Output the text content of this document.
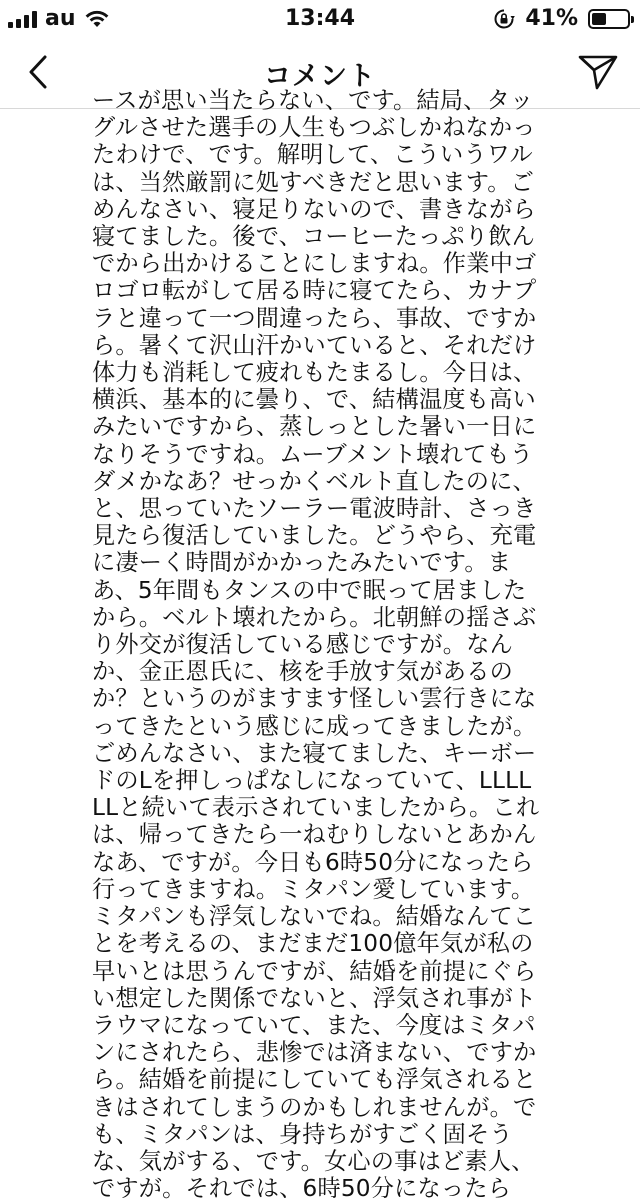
au	13:44	41%
コメント

ースが思い当たらない、です。結局、タッグルさせた選手の人生もつぶしかねなかったわけで、です。解明して、こういうワルは、当然厳罰に処すべきだと思います。ごめんなさい、寝足りないので、書きながら寝てました。後で、コーヒーたっぷり飲んでから出かけることにしますね。作業中ゴロゴロ転がして居る時に寝てたら、カナプラと違って一つ間違ったら、事故、ですから。暑くて沢山汗かいていると、それだけ体力も消耗して疲れもたまるし。今日は、横浜、基本的に曇り、で、結構温度も高いみたいですから、蒸しっとした暑い一日になりそうですね。ムーブメント壊れてもうダメかなあ？せっかくベルト直したのに、と、思っていたソーラー電波時計、さっき見たら復活していました。どうやら、充電に凄ーく時間がかかったみたいです。まあ、5年間もタンスの中で眠って居ましたから。ベルト壊れたから。北朝鮮の揺さぶり外交が復活している感じですが。なんか、金正恩氏に、核を手放す気があるのか？というのがますます怪しい雲行きになってきたという感じに成ってきましたが。ごめんなさい、また寝てました、キーボードのLを押しっぱなしになっていて、LLLLLLと続いて表示されていましたから。これは、帰ってきたら一ねむりしないとあかんなあ、ですが。今日も6時50分になったら行ってきますね。ミタパン愛しています。ミタパンも浮気しないでね。結婚なんてことを考えるの、まだまだ100億年気が私の早いとは思うんですが、結婚を前提にぐらい想定した関係でないと、浮気され事がトラウマになっていて、また、今度はミタパンにされたら、悲惨では済まない、ですから。結婚を前提にしていても浮気されるときはされてしまうのかもしれませんが。でも、ミタパンは、身持ちがすごく固そうな、気がする、です。女心の事はど素人、ですが。それでは、6時50分になったら
